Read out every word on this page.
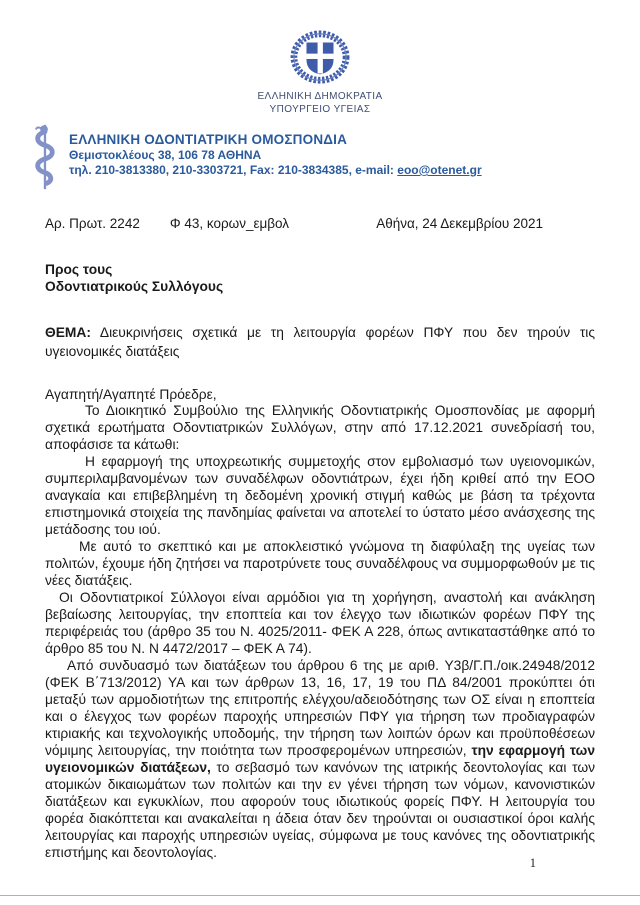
ΕΛΛΗΝΙΚΗ ΔΗΜΟΚΡΑΤΙΑ
ΥΠΟΥΡΓΕΙΟ ΥΓΕΙΑΣ
ΕΛΛΗΝΙΚΗ ΟΔΟΝΤΙΑΤΡΙΚΗ ΟΜΟΣΠΟΝΔΙΑ
Θεμιστοκλέους 38, 106 78 ΑΘΗΝΑ
τηλ. 210-3813380, 210-3303721, Fax: 210-3834385, e-mail: eoo@otenet.gr
Αρ. Πρωτ. 2242 Φ 43, κορων_εμβολ	Αθήνα, 24 Δεκεμβρίου 2021
Προς τους
Οδοντιατρικούς Συλλόγους
ΘΕΜΑ: Διευκρινήσεις σχετικά με τη λειτουργία φορέων ΠΦΥ που δεν τηρούν τις υγειονομικές διατάξεις
Αγαπητή/Αγαπητέ Πρόεδρε,

Το Διοικητικό Συμβούλιο της Ελληνικής Οδοντιατρικής Ομοσπονδίας με αφορμή σχετικά ερωτήματα Οδοντιατρικών Συλλόγων, στην από 17.12.2021 συνεδρίασή του, αποφάσισε τα κάτωθι:

Η εφαρμογή της υποχρεωτικής συμμετοχής στον εμβολιασμό των υγειονομικών, συμπεριλαμβανομένων των συναδέλφων οδοντιάτρων, έχει ήδη κριθεί από την ΕΟΟ αναγκαία και επιβεβλημένη τη δεδομένη χρονική στιγμή καθώς με βάση τα τρέχοντα επιστημονικά στοιχεία της πανδημίας φαίνεται να αποτελεί το ύστατο μέσο ανάσχεσης της μετάδοσης του ιού.

Με αυτό το σκεπτικό και με αποκλειστικό γνώμονα τη διαφύλαξη της υγείας των πολιτών, έχουμε ήδη ζητήσει να παροτρύνετε τους συναδέλφους να συμμορφωθούν με τις νέες διατάξεις.

Οι Οδοντιατρικοί Σύλλογοι είναι αρμόδιοι για τη χορήγηση, αναστολή και ανάκληση βεβαίωσης λειτουργίας, την εποπτεία και τον έλεγχο των ιδιωτικών φορέων ΠΦΥ της περιφέρειάς του (άρθρο 35 του Ν. 4025/2011- ΦΕΚ Α 228, όπως αντικαταστάθηκε από το άρθρο 85 του Ν. Ν 4472/2017 – ΦΕΚ Α 74).

Από συνδυασμό των διατάξεων του άρθρου 6 της με αριθ. Υ3β/Γ.Π./οικ.24948/2012 (ΦΕΚ Β΄713/2012) ΥΑ και των άρθρων 13, 16, 17, 19 του ΠΔ 84/2001 προκύπτει ότι μεταξύ των αρμοδιοτήτων της επιτροπής ελέγχου/αδειοδότησης των ΟΣ είναι η εποπτεία και ο έλεγχος των φορέων παροχής υπηρεσιών ΠΦΥ για τήρηση των προδιαγραφών κτιριακής και τεχνολογικής υποδομής, την τήρηση των λοιπών όρων και προϋποθέσεων νόμιμης λειτουργίας, την ποιότητα των προσφερομένων υπηρεσιών, την εφαρμογή των υγειονομικών διατάξεων, το σεβασμό των κανόνων της ιατρικής δεοντολογίας και των ατομικών δικαιωμάτων των πολιτών και την εν γένει τήρηση των νόμων, κανονιστικών διατάξεων και εγκυκλίων, που αφορούν τους ιδιωτικούς φορείς ΠΦΥ. Η λειτουργία του φορέα διακόπτεται και ανακαλείται η άδεια όταν δεν τηρούνται οι ουσιαστικοί όροι καλής λειτουργίας και παροχής υπηρεσιών υγείας, σύμφωνα με τους κανόνες της οδοντιατρικής επιστήμης και δεοντολογίας.

1
